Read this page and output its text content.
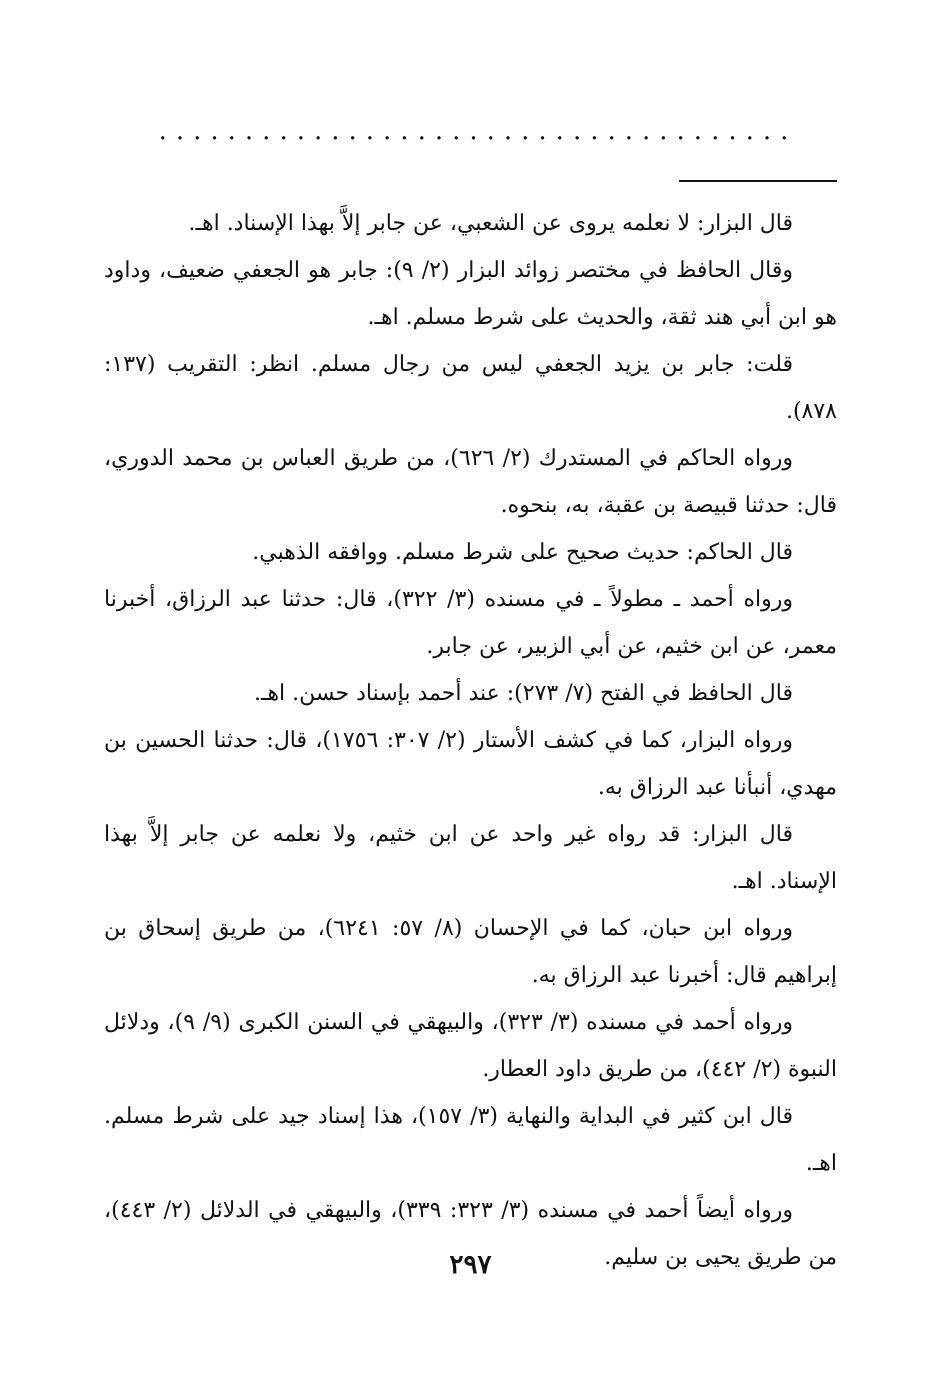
.....................................

قال البزار: لا نعلمه يروى عن الشعبي، عن جابر إلاَّ بهذا الإسناد. اهـ.

وقال الحافظ في مختصر زوائد البزار (٢/ ٩): جابر هو الجعفي ضعيف، وداود هو ابن أبي هند ثقة، والحديث على شرط مسلم. اهـ.

قلت: جابر بن يزيد الجعفي ليس من رجال مسلم. انظر: التقريب (١٣٧: ٨٧٨).

ورواه الحاكم في المستدرك (٢/ ٦٢٦)، من طريق العباس بن محمد الدوري، قال: حدثنا قبيصة بن عقبة، به، بنحوه.

قال الحاكم: حديث صحيح على شرط مسلم. ووافقه الذهبي.

ورواه أحمد ـ مطولاً ـ في مسنده (٣/ ٣٢٢)، قال: حدثنا عبد الرزاق، أخبرنا معمر، عن ابن خثيم، عن أبي الزبير، عن جابر.

قال الحافظ في الفتح (٧/ ٢٧٣): عند أحمد بإسناد حسن. اهـ.

ورواه البزار، كما في كشف الأستار (٢/ ٣٠٧: ١٧٥٦)، قال: حدثنا الحسين بن مهدي، أنبأنا عبد الرزاق به.

قال البزار: قد رواه غير واحد عن ابن خثيم، ولا نعلمه عن جابر إلاَّ بهذا الإسناد. اهـ.

ورواه ابن حبان، كما في الإحسان (٨/ ٥٧: ٦٢٤١)، من طريق إسحاق بن إبراهيم قال: أخبرنا عبد الرزاق به.

ورواه أحمد في مسنده (٣/ ٣٢٣)، والبيهقي في السنن الكبرى (٩/ ٩)، ودلائل النبوة (٢/ ٤٤٢)، من طريق داود العطار.

قال ابن كثير في البداية والنهاية (٣/ ١٥٧)، هذا إسناد جيد على شرط مسلم. اهـ.

ورواه أيضاً أحمد في مسنده (٣/ ٣٢٣: ٣٣٩)، والبيهقي في الدلائل (٢/ ٤٤٣)، من طريق يحيى بن سليم.

٢٩٧
